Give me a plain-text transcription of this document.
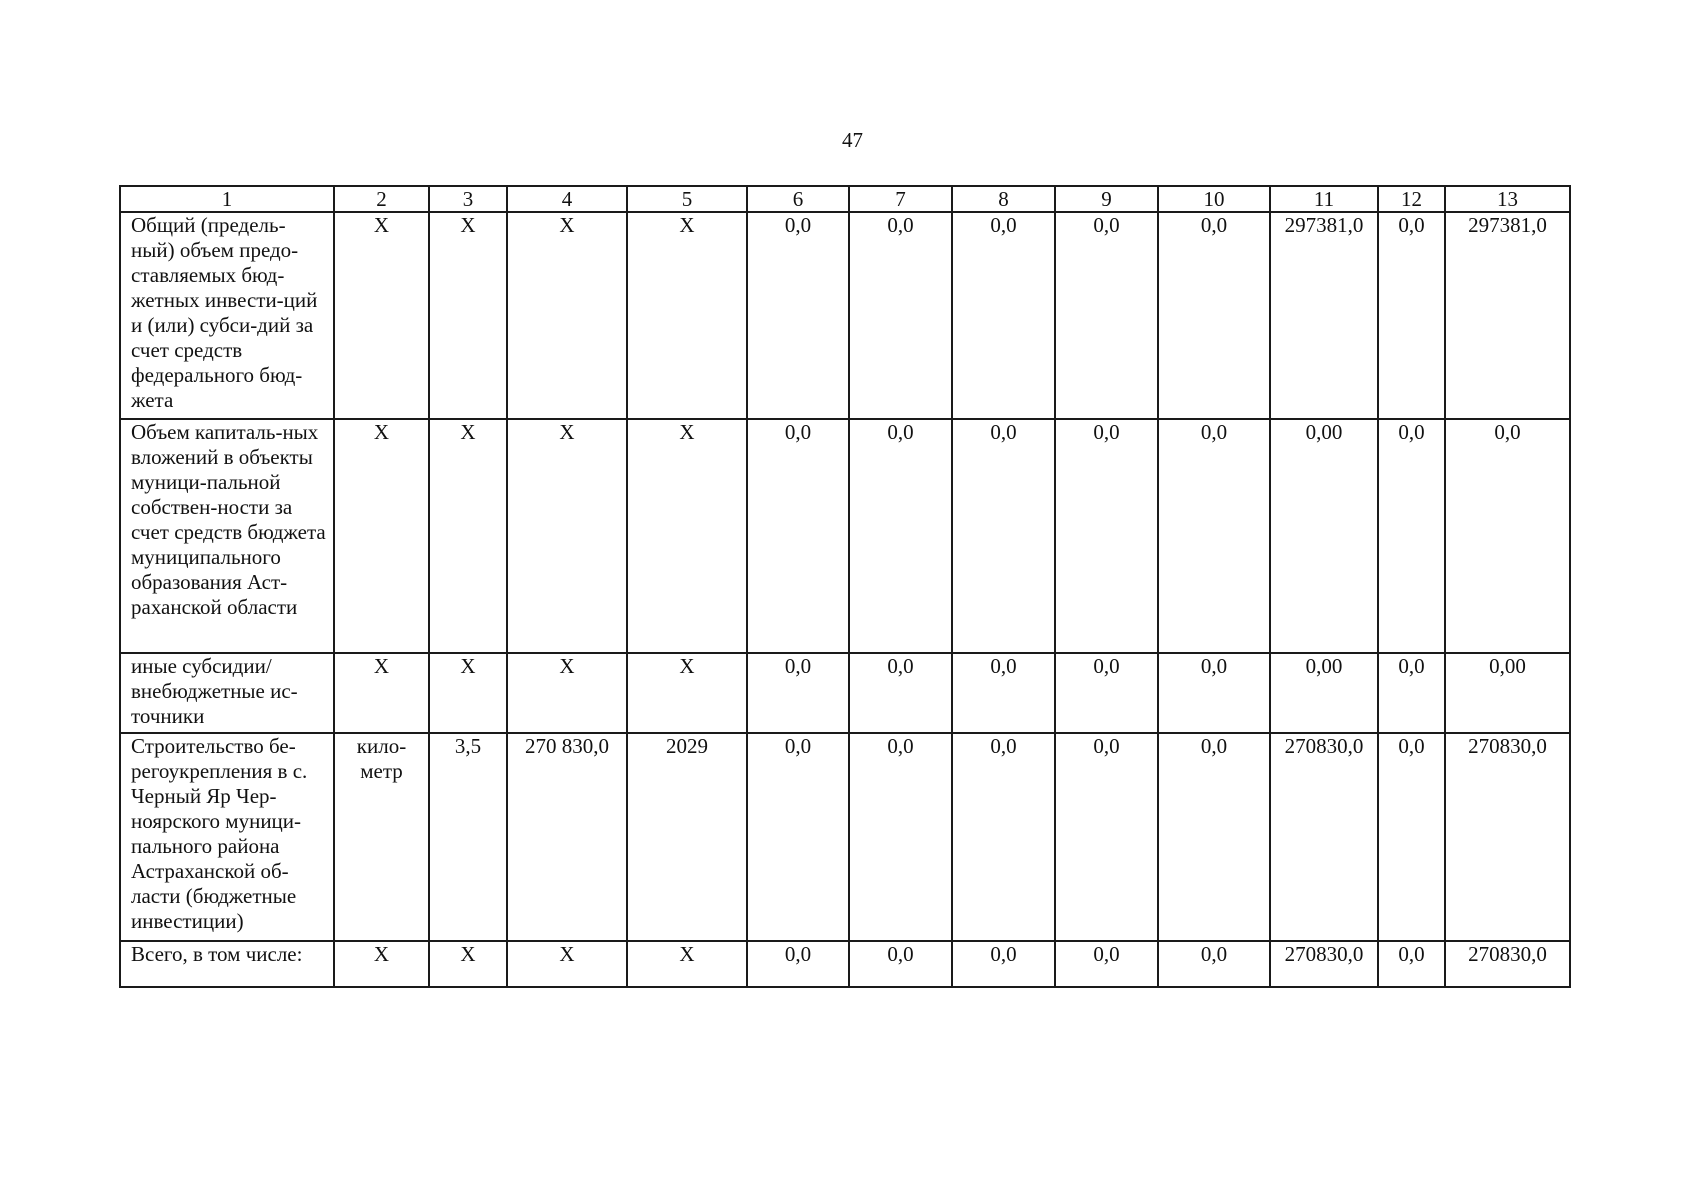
47
1	2	3	4	5	6	7	8	9	10	11	12	13
Общий (предель-ный) объем предо-ставляемых бюд-жетных инвести-ций и (или) субси-дий за счет средств федерального бюд-жета	X	X	X	X	0,0	0,0	0,0	0,0	0,0	297381,0	0,0	297381,0
Объем капиталь-ных вложений в объекты муници-пальной собствен-ности за счет средств бюджета муниципального образования Аст-раханской области	X	X	X	X	0,0	0,0	0,0	0,0	0,0	0,00	0,0	0,0
иные субсидии/ внебюджетные ис-точники	X	X	X	X	0,0	0,0	0,0	0,0	0,0	0,00	0,0	0,00
Строительство бе-регоукрепления в с. Черный Яр Чер-ноярского муници-пального района Астраханской об-ласти (бюджетные инвестиции)	кило-метр	3,5	270 830,0	2029	0,0	0,0	0,0	0,0	0,0	270830,0	0,0	270830,0
Всего, в том числе:	X	X	X	X	0,0	0,0	0,0	0,0	0,0	270830,0	0,0	270830,0
